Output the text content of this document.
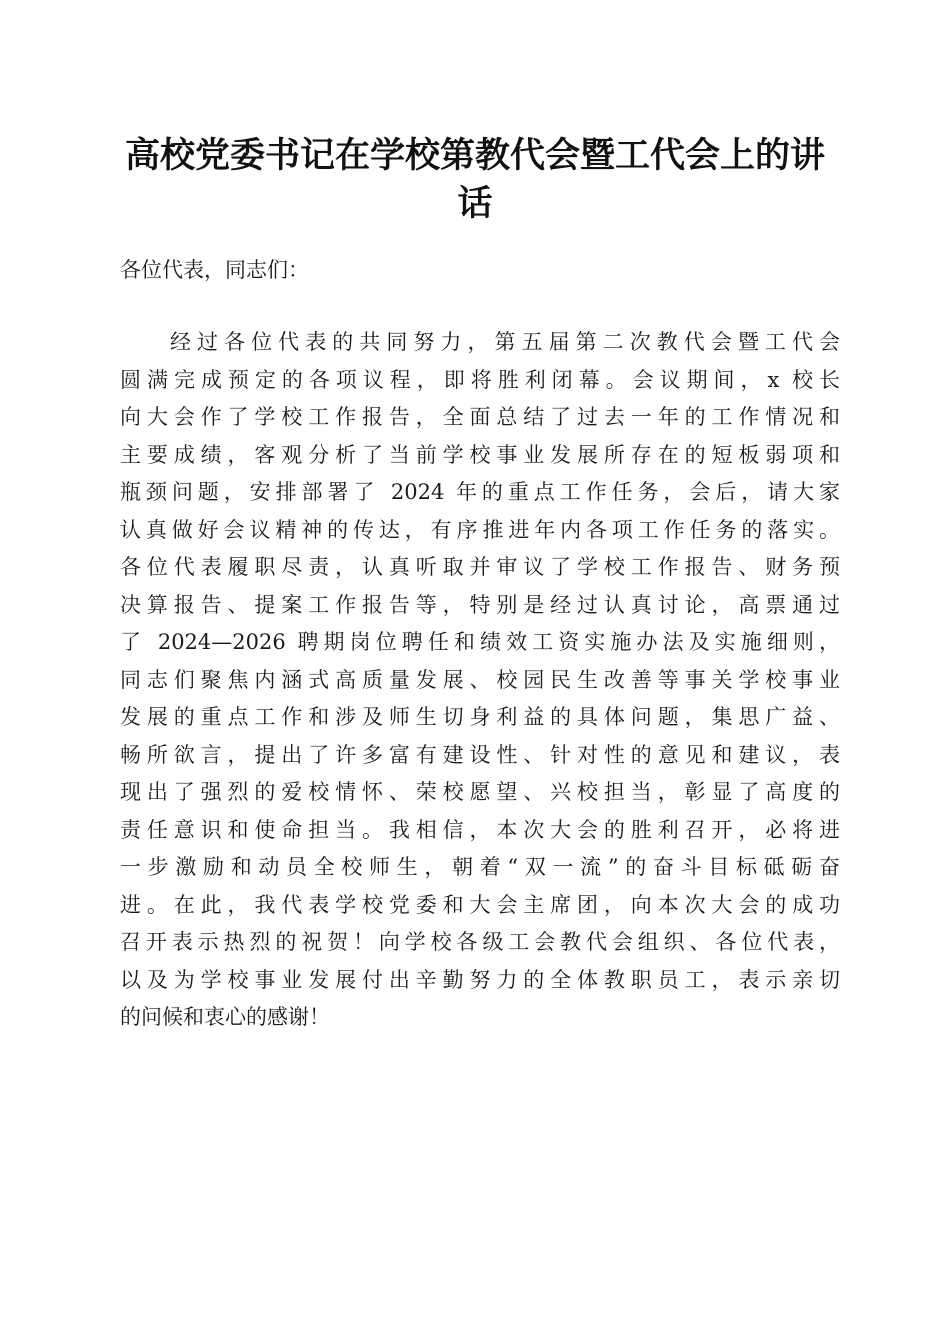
高校党委书记在学校第教代会暨工代会上的讲话

各位代表，同志们：

经过各位代表的共同努力，第五届第二次教代会暨工代会
圆满完成预定的各项议程，即将胜利闭幕。会议期间，x 校长
向大会作了学校工作报告，全面总结了过去一年的工作情况和
主要成绩，客观分析了当前学校事业发展所存在的短板弱项和
瓶颈问题，安排部署了 2024 年的重点工作任务，会后，请大家
认真做好会议精神的传达，有序推进年内各项工作任务的落实。
各位代表履职尽责，认真听取并审议了学校工作报告、财务预
决算报告、提案工作报告等，特别是经过认真讨论，高票通过
了 2024—2026 聘期岗位聘任和绩效工资实施办法及实施细则，
同志们聚焦内涵式高质量发展、校园民生改善等事关学校事业
发展的重点工作和涉及师生切身利益的具体问题，集思广益、
畅所欲言，提出了许多富有建设性、针对性的意见和建议，表
现出了强烈的爱校情怀、荣校愿望、兴校担当，彰显了高度的
责任意识和使命担当。我相信，本次大会的胜利召开，必将进
一步激励和动员全校师生，朝着“双一流”的奋斗目标砥砺奋
进。在此，我代表学校党委和大会主席团，向本次大会的成功
召开表示热烈的祝贺！向学校各级工会教代会组织、各位代表，
以及为学校事业发展付出辛勤努力的全体教职员工，表示亲切
的问候和衷心的感谢！
